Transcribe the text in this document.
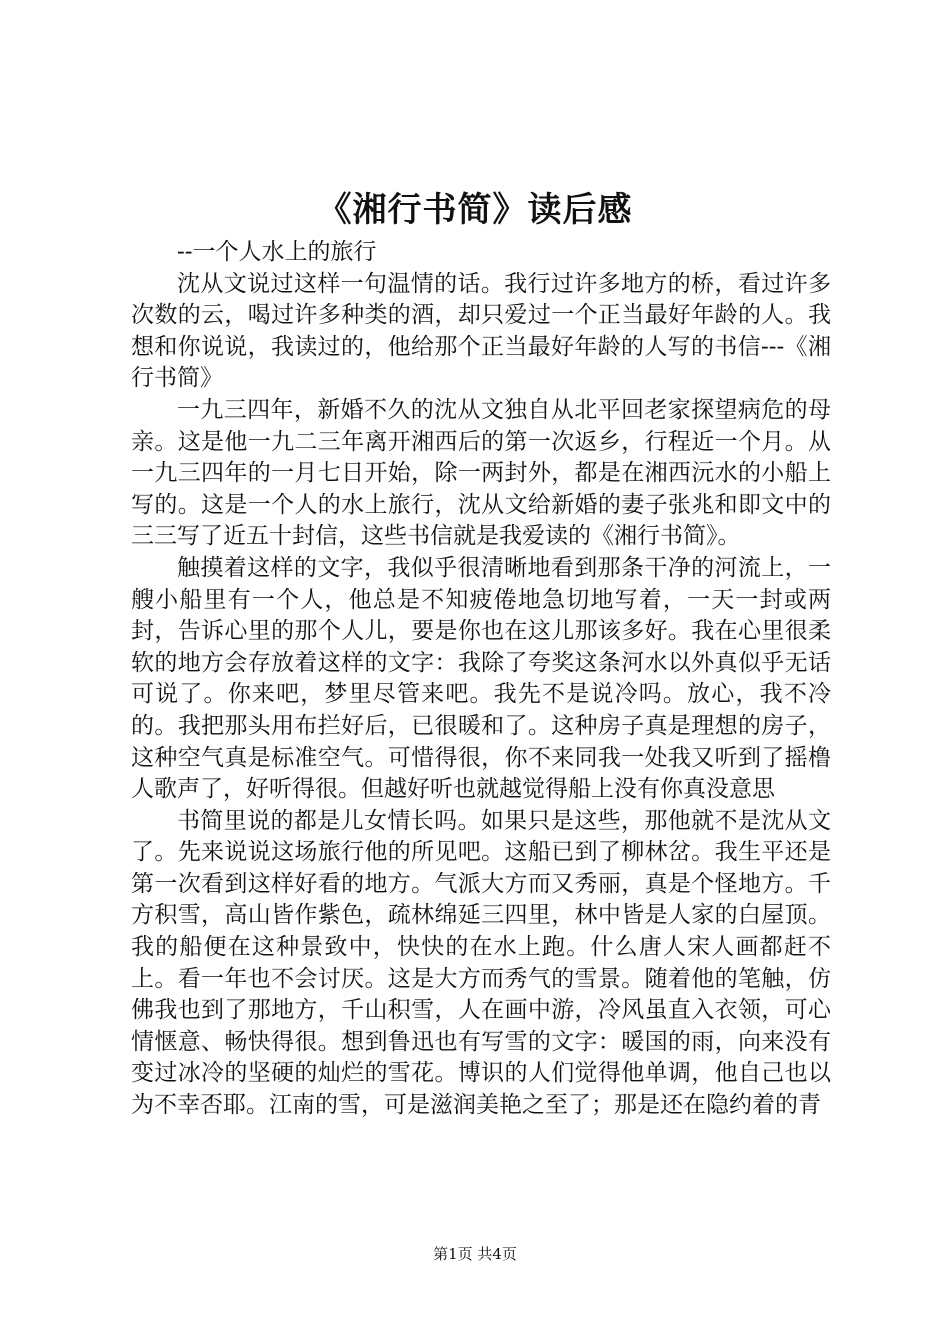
《湘行书简》读后感

--一个人水上的旅行

沈从文说过这样一句温情的话。我行过许多地方的桥，看过许多次数的云，喝过许多种类的酒，却只爱过一个正当最好年龄的人。我想和你说说，我读过的，他给那个正当最好年龄的人写的书信---《湘行书简》

一九三四年，新婚不久的沈从文独自从北平回老家探望病危的母亲。这是他一九二三年离开湘西后的第一次返乡，行程近一个月。从一九三四年的一月七日开始，除一两封外，都是在湘西沅水的小船上写的。这是一个人的水上旅行，沈从文给新婚的妻子张兆和即文中的三三写了近五十封信，这些书信就是我爱读的《湘行书简》。

触摸着这样的文字，我似乎很清晰地看到那条干净的河流上，一艘小船里有一个人，他总是不知疲倦地急切地写着，一天一封或两封，告诉心里的那个人儿，要是你也在这儿那该多好。我在心里很柔软的地方会存放着这样的文字：我除了夸奖这条河水以外真似乎无话可说了。你来吧，梦里尽管来吧。我先不是说冷吗。放心，我不冷的。我把那头用布拦好后，已很暖和了。这种房子真是理想的房子，这种空气真是标准空气。可惜得很，你不来同我一处我又听到了摇橹人歌声了，好听得很。但越好听也就越觉得船上没有你真没意思

书简里说的都是儿女情长吗。如果只是这些，那他就不是沈从文了。先来说说这场旅行他的所见吧。这船已到了柳林岔。我生平还是第一次看到这样好看的地方。气派大方而又秀丽，真是个怪地方。千方积雪，高山皆作紫色，疏林绵延三四里，林中皆是人家的白屋顶。我的船便在这种景致中，快快的在水上跑。什么唐人宋人画都赶不上。看一年也不会讨厌。这是大方而秀气的雪景。随着他的笔触，仿佛我也到了那地方，千山积雪，人在画中游，冷风虽直入衣领，可心情惬意、畅快得很。想到鲁迅也有写雪的文字：暖国的雨，向来没有变过冰冷的坚硬的灿烂的雪花。博识的人们觉得他单调，他自己也以为不幸否耶。江南的雪，可是滋润美艳之至了；那是还在隐约着的青

第1页 共4页
